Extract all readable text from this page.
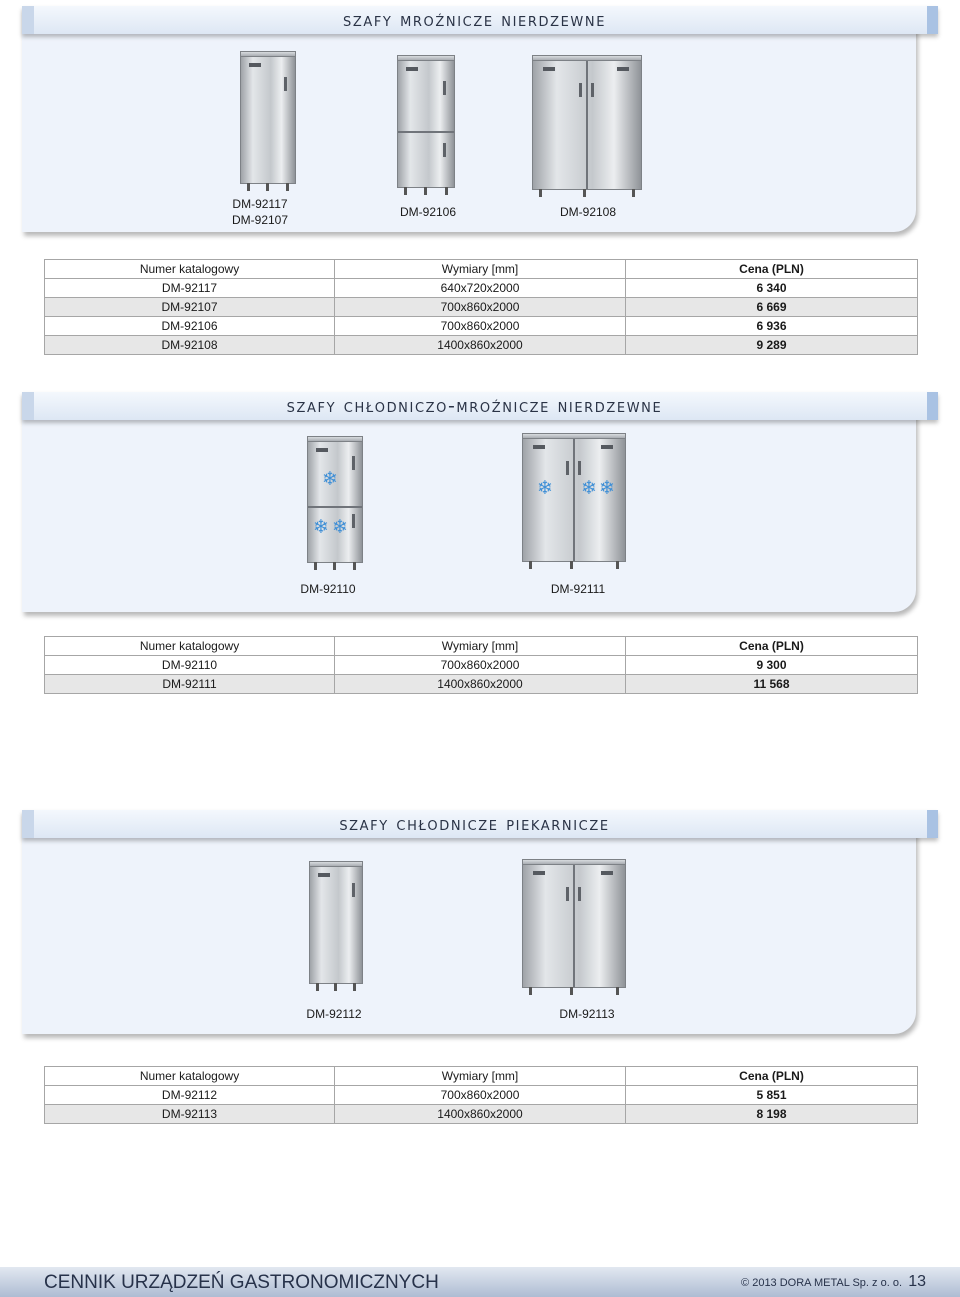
szafy mroźnicze nierdzewne
DM-92117
DM-92107
DM-92106	DM-92108
Numer katalogowy	Wymiary [mm]	Cena (PLN)
DM-92117	640x720x2000	6 340
DM-92107	700x860x2000	6 669
DM-92106	700x860x2000	6 936
DM-92108	1400x860x2000	9 289
szafy chłodniczo-mroźnicze nierdzewne
❄
❄ ❄
DM-92110
❄ ❄ ❄
DM-92111
Numer katalogowy	Wymiary [mm]	Cena (PLN)
DM-92110	700x860x2000	9 300
DM-92111	1400x860x2000	11 568
szafy chłodnicze piekarnicze
DM-92112	DM-92113
Numer katalogowy	Wymiary [mm]	Cena (PLN)
DM-92112	700x860x2000	5 851
DM-92113	1400x860x2000	8 198
CENNIK URZĄDZEŃ GASTRONOMICZNYCH	© 2013 DORA METAL Sp. z o. o. 13
